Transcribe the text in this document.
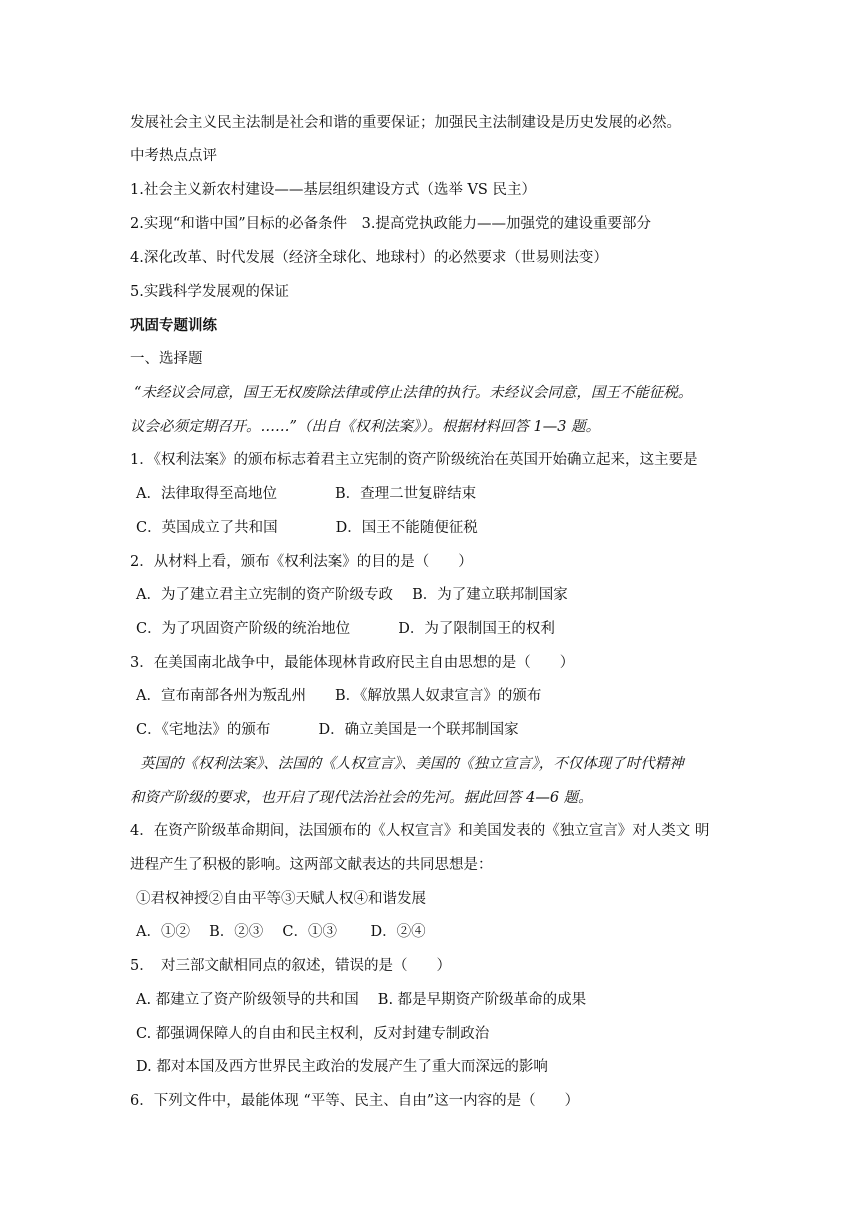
发展社会主义民主法制是社会和谐的重要保证；加强民主法制建设是历史发展的必然。
中考热点点评
1.社会主义新农村建设——基层组织建设方式（选举 VS 民主）
2.实现“和谐中国”目标的必备条件　3.提高党执政能力——加强党的建设重要部分
4.深化改革、时代发展（经济全球化、地球村）的必然要求（世易则法变）
5.实践科学发展观的保证
巩固专题训练
一、选择题
“未经议会同意，国王无权废除法律或停止法律的执行。未经议会同意，国王不能征税。
议会必须定期召开。……”（出自《权利法案》）。根据材料回答 1—3 题。
1．《权利法案》的颁布标志着君主立宪制的资产阶级统治在英国开始确立起来，这主要是
A．法律取得至高地位　　　　B．查理二世复辟结束
C．英国成立了共和国　　　　D．国王不能随便征税
2．从材料上看，颁布《权利法案》的目的是（　　）
A．为了建立君主立宪制的资产阶级专政　 B．为了建立联邦制国家
C．为了巩固资产阶级的统治地位　　　 D．为了限制国王的权利
3．在美国南北战争中，最能体现林肯政府民主自由思想的是（　　）
A．宣布南部各州为叛乱州　　B．《解放黑人奴隶宣言》的颁布
C．《宅地法》的颁布　　　 D．确立美国是一个联邦制国家
英国的《权利法案》、法国的《人权宣言》、美国的《独立宣言》，不仅体现了时代精神
和资产阶级的要求，也开启了现代法治社会的先河。据此回答 4—6 题。
4．在资产阶级革命期间，法国颁布的《人权宣言》和美国发表的《独立宣言》对人类文 明
进程产生了积极的影响。这两部文献表达的共同思想是：
①君权神授②自由平等③天赋人权④和谐发展
A．①②　 B．②③　 C．①③　　 D．②④
5．　对三部文献相同点的叙述，错误的是（　　）
A. 都建立了资产阶级领导的共和国　 B. 都是早期资产阶级革命的成果
C. 都强调保障人的自由和民主权利，反对封建专制政治
D. 都对本国及西方世界民主政治的发展产生了重大而深远的影响
6．下列文件中，最能体现 “平等、民主、自由”这一内容的是（　　）
